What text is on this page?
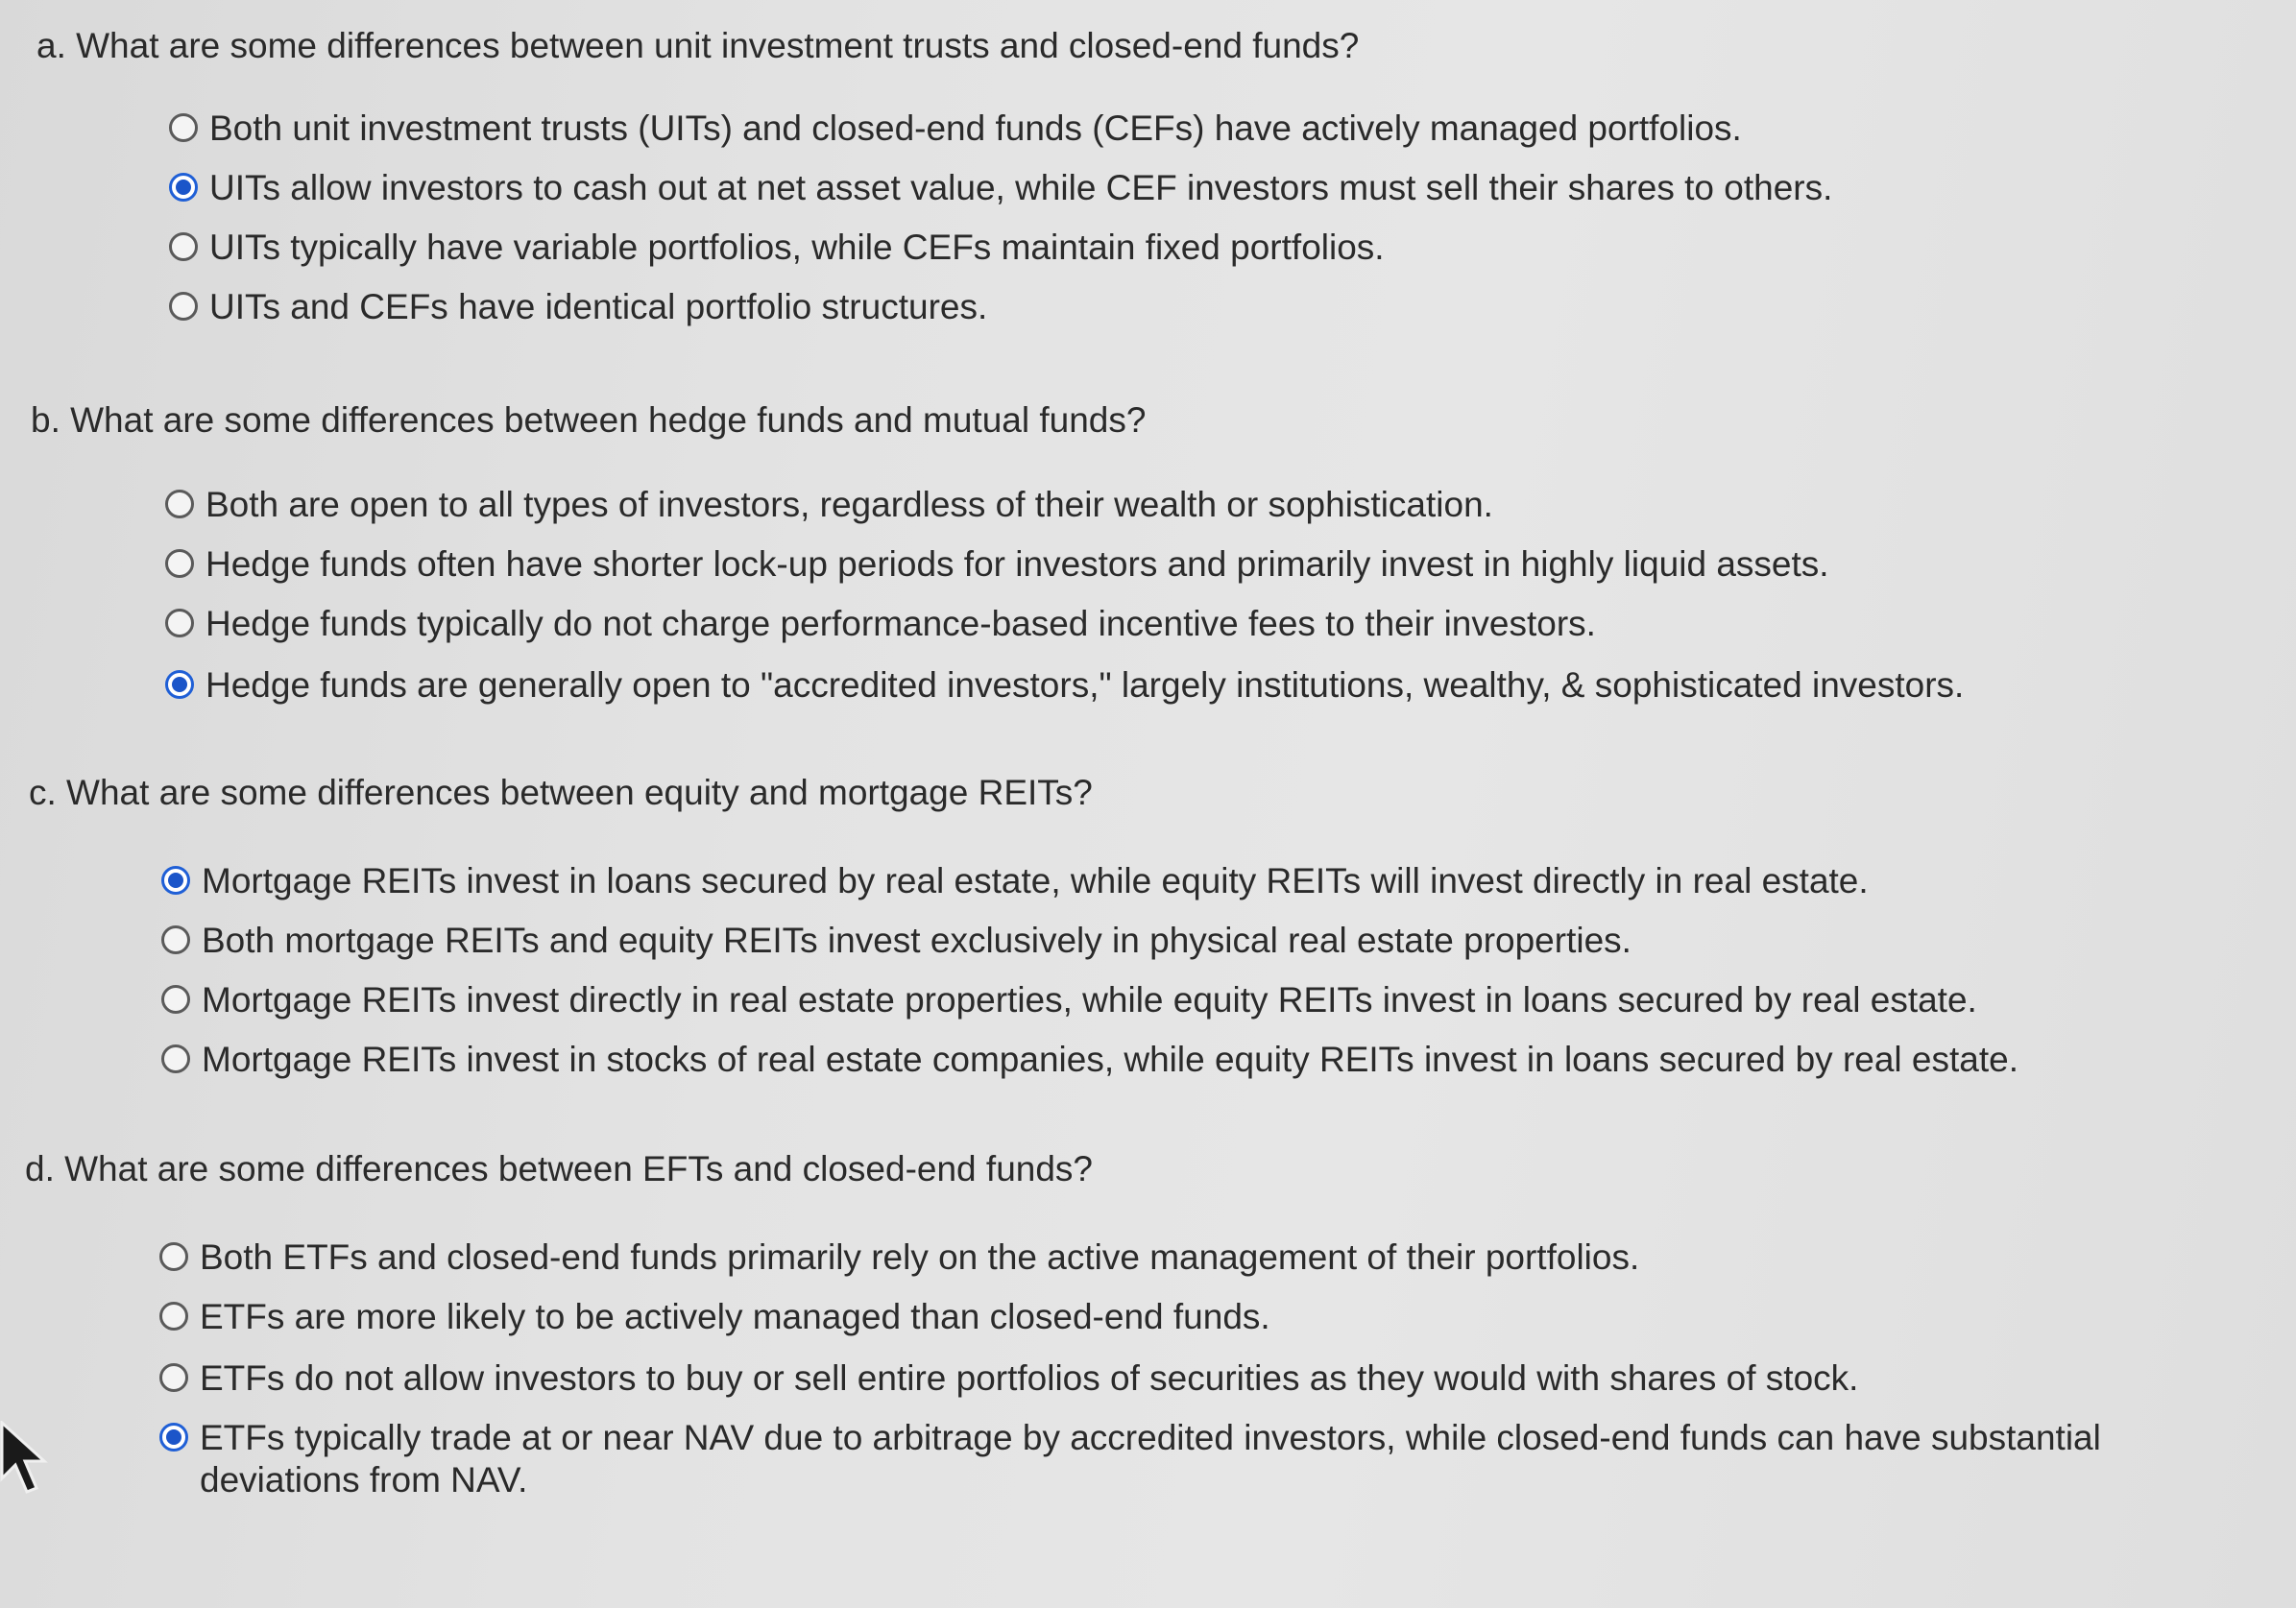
a. What are some differences between unit investment trusts and closed-end funds?
Both unit investment trusts (UITs) and closed-end funds (CEFs) have actively managed portfolios.
UITs allow investors to cash out at net asset value, while CEF investors must sell their shares to others.
UITs typically have variable portfolios, while CEFs maintain fixed portfolios.
UITs and CEFs have identical portfolio structures.
b. What are some differences between hedge funds and mutual funds?
Both are open to all types of investors, regardless of their wealth or sophistication.
Hedge funds often have shorter lock-up periods for investors and primarily invest in highly liquid assets.
Hedge funds typically do not charge performance-based incentive fees to their investors.
Hedge funds are generally open to "accredited investors," largely institutions, wealthy, & sophisticated investors.
c. What are some differences between equity and mortgage REITs?
Mortgage REITs invest in loans secured by real estate, while equity REITs will invest directly in real estate.
Both mortgage REITs and equity REITs invest exclusively in physical real estate properties.
Mortgage REITs invest directly in real estate properties, while equity REITs invest in loans secured by real estate.
Mortgage REITs invest in stocks of real estate companies, while equity REITs invest in loans secured by real estate.
d. What are some differences between EFTs and closed-end funds?
Both ETFs and closed-end funds primarily rely on the active management of their portfolios.
ETFs are more likely to be actively managed than closed-end funds.
ETFs do not allow investors to buy or sell entire portfolios of securities as they would with shares of stock.
ETFs typically trade at or near NAV due to arbitrage by accredited investors, while closed-end funds can have substantial deviations from NAV.
